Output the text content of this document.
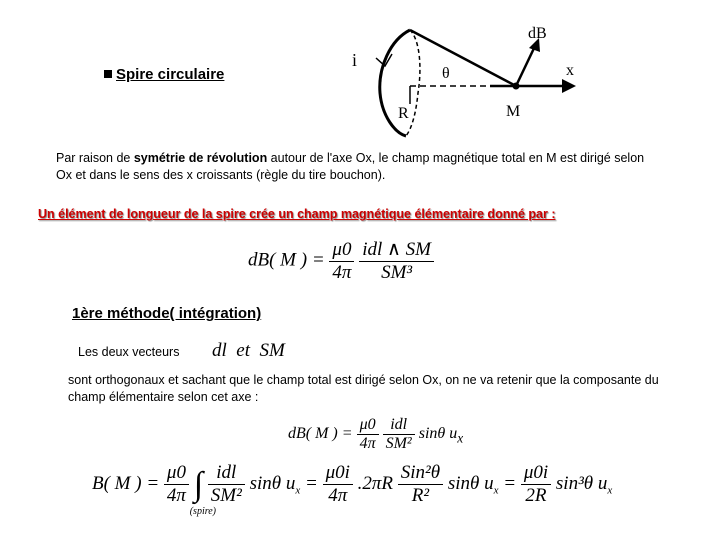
Spire circulaire
i
θ
dB
x
R	M
Par raison de symétrie de révolution autour de l'axe Ox, le champ magnétique total en M est dirigé selon Ox et dans le sens des x croissants (règle du tire bouchon).
Un élément de longueur de la spire crée un champ magnétique élémentaire donné par :
dB( M ) = $\frac{\mu 0}{4\pi}$
$\frac{\text{idl ∧ SM}}{\text{SM³}}$
1ère méthode( intégration)
Les deux vecteurs dl  et  SM
sont orthogonaux et sachant que le champ total est dirigé selon Ox, on ne va retenir que la composante du champ élémentaire selon cet axe :
dB( M ) = $\frac{\mu 0}{4\pi}$
$\frac{\text{idl}}{\text{SM²}}$ sinθ $u_x$
B( M ) = $\frac{\mu 0}{4\pi}$ ∫
(spire)

$\frac{\text{idl}}{\text{SM²}}$ sinθ $u_x = \frac{\mu 0i}{4\pi} .2\pi R \frac{\text{Sin²θ}}{\text{R²}}$ sinθ $u_x = \frac{\mu 0i}{2R} \sin^3\theta$ $u_x$
